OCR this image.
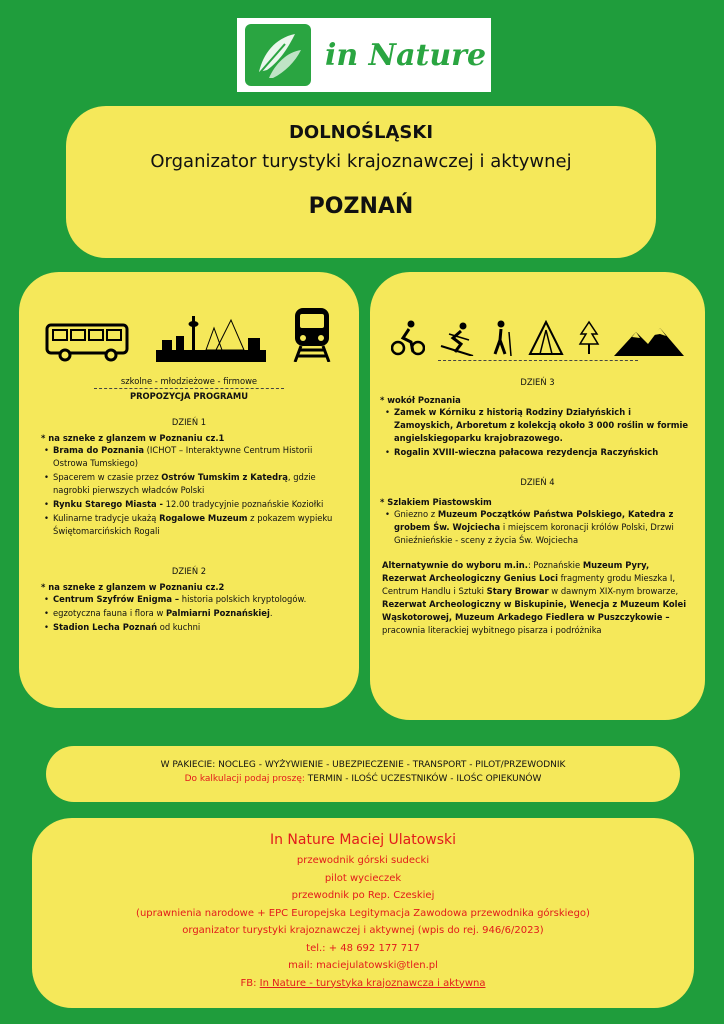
in Nature
DOLNOŚLĄSKI
Organizator turystyki krajoznawczej i aktywnej
POZNAŃ
szkolne - młodzieżowe - firmowe
PROPOZYCJA PROGRAMU
DZIEŃ 1
* na szneke z glanzem w Poznaniu cz.1
• Brama do Poznania (ICHOT – Interaktywne Centrum Historii Ostrowa Tumskiego)
• Spacerem w czasie przez Ostrów Tumskim z Katedrą, gdzie nagrobki pierwszych władców Polski
• Rynku Starego Miasta - 12.00 tradycyjnie poznańskie Koziołki
• Kulinarne tradycje ukażą Rogalowe Muzeum z pokazem wypieku Świętomarcińskich Rogali
DZIEŃ 2
* na szneke z glanzem w Poznaniu cz.2
• Centrum Szyfrów Enigma – historia polskich kryptologów.
• egzotyczna fauna i flora w Palmiarni Poznańskiej.
• Stadion Lecha Poznań od kuchni
DZIEŃ 3
* wokół Poznania
• Zamek w Kórniku z historią Rodziny Działyńskich i Zamoyskich, Arboretum z kolekcją około 3 000 roślin w formie angielskiegoparku krajobrazowego.
• Rogalin XVIII-wieczna pałacowa rezydencja Raczyńskich
DZIEŃ 4
* Szlakiem Piastowskim
• Gniezno z Muzeum Początków Państwa Polskiego, Katedra z grobem Św. Wojciecha i miejscem koronacji królów Polski, Drzwi Gnieźnieńskie - sceny z życia Św. Wojciecha
Alternatywnie do wyboru m.in.: Poznańskie Muzeum Pyry, Rezerwat Archeologiczny Genius Loci fragmenty grodu Mieszka I, Centrum Handlu i Sztuki Stary Browar w dawnym XIX-nym browarze, Rezerwat Archeologiczny w Biskupinie, Wenecja z Muzeum Kolei Wąskotorowej, Muzeum Arkadego Fiedlera w Puszczykowie – pracownia literackiej wybitnego pisarza i podróżnika
W PAKIECIE: NOCLEG - WYŻYWIENIE - UBEZPIECZENIE - TRANSPORT - PILOT/PRZEWODNIK
Do kalkulacji podaj proszę: TERMIN - ILOŚĆ UCZESTNIKÓW - ILOŚC OPIEKUNÓW
In Nature Maciej Ulatowski
przewodnik górski sudecki
pilot wycieczek
przewodnik po Rep. Czeskiej
(uprawnienia narodowe + EPC Europejska Legitymacja Zawodowa przewodnika górskiego)
organizator turystyki krajoznawczej i aktywnej (wpis do rej. 946/6/2023)
tel.: + 48 692 177 717
mail: maciejulatowski@tlen.pl
FB: In Nature - turystyka krajoznawcza i aktywna
